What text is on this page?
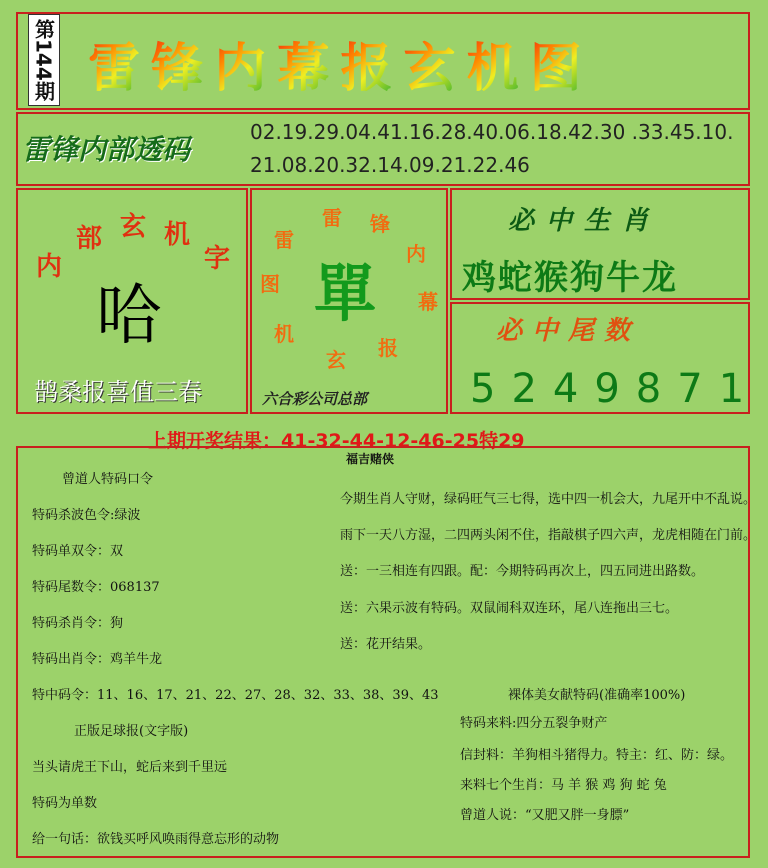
第144期 雷 锋 内 幕 报 玄 机 图
雷锋内部透码
02.19.29.04.41.16.28.40.06.18.42.30 .33.45.10.
21.08.20.32.14.09.21.22.46
内
部 玄 机
字
哈
鹊桑报喜值三春
雷 锋
内
幕
报
玄
机
图
雷
單
六合彩公司总部
必中生肖
鸡蛇猴狗牛龙
必中尾数
5249871
上期开奖结果：41-32-44-12-46-25特29
福吉赌侠
曾道人特码口令
特码杀波色令:绿波
特码单双令：双
特码尾数令：068137
特码杀肖令：狗
特码出肖令：鸡羊牛龙
特中码令：11、16、17、21、22、27、28、32、33、38、39、43
今期生肖人守财，绿码旺气三七得，选中四一机会大，九尾开中不乱说。
雨下一天八方湿，二四两头闲不住，指敲棋子四六声，龙虎相随在门前。
送：一三相连有四跟。配：今期特码再次上，四五同进出路数。
送：六果示波有特码。双鼠闹科双连环，尾八连拖出三七。
送：花开结果。
正版足球报(文字版)
当头请虎王下山，蛇后来到千里远
特码为单数
给一句话：欲钱买呼风唤雨得意忘形的动物
裸体美女献特码(准确率100%)
特码来料:四分五裂争财产
信封料：羊狗相斗猪得力。特主：红、防：绿。
来料七个生肖：马 羊 猴 鸡 狗 蛇 兔
曾道人说：“又肥又胖一身膘”
